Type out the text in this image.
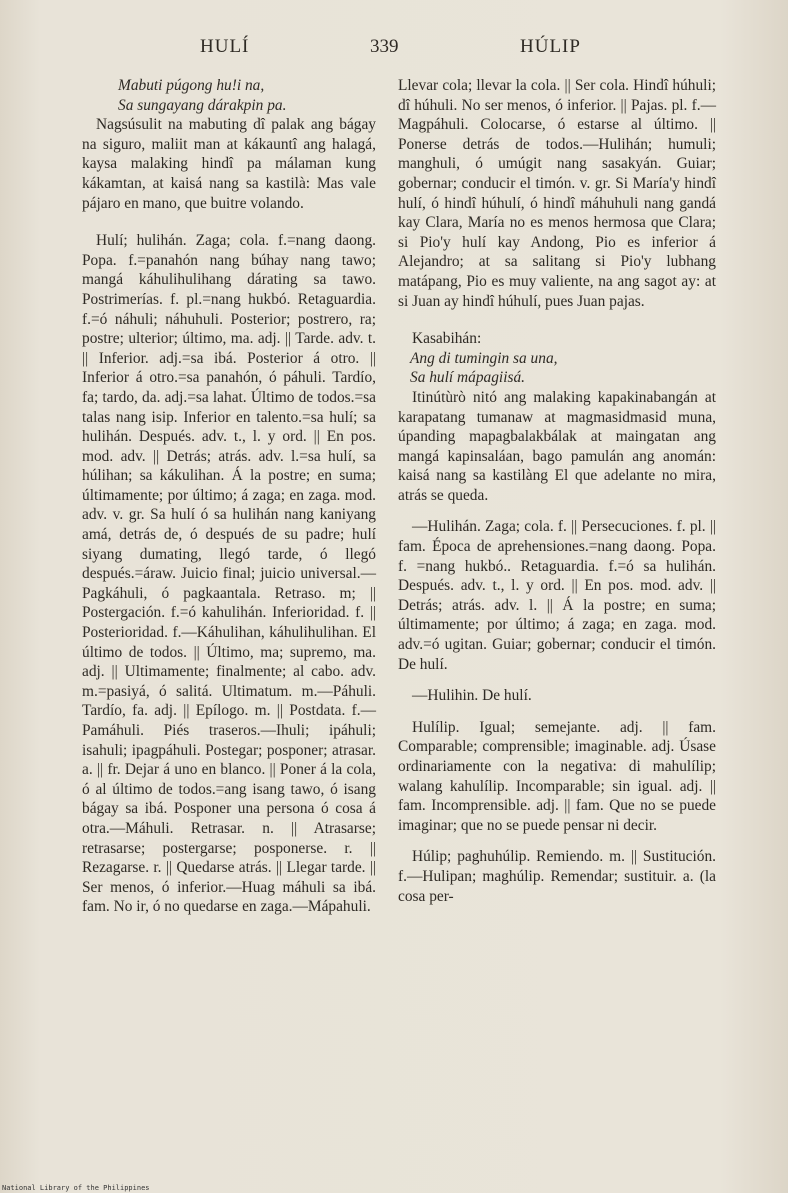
HULÍ	339	HÚLIP

Mabuti púgong hu!i na,

Sa sungayang dárakpin pa.

Nagsúsulit na mabuting dî palak ang bágay na siguro, maliit man at kákauntî ang halagá, kaysa malaking hindî pa málaman kung kákamtan, at kaisá nang sa kastilà: Mas vale pájaro en mano, que buitre volando.

Hulí; hulihán. Zaga; cola. f.=nang daong. Popa. f.=panahón nang búhay nang tawo; mangá káhulihulihang dárating sa tawo. Postrimerías. f. pl.=nang hukbó. Retaguardia. f.=ó náhuli; náhuhuli. Posterior; postrero, ra; postre; ulterior; último, ma. adj. || Tarde. adv. t. || Inferior. adj.=sa ibá. Posterior á otro. || Inferior á otro.=sa panahón, ó páhuli. Tardío, fa; tardo, da. adj.=sa lahat. Último de todos.=sa talas nang isip. Inferior en talento.=sa hulí; sa hulihán. Después. adv. t., l. y ord. || En pos. mod. adv. || Detrás; atrás. adv. l.=sa hulí, sa húlihan; sa kákulihan. Á la postre; en suma; últimamente; por último; á zaga; en zaga. mod. adv. v. gr. Sa hulí ó sa hulihán nang kaniyang amá, detrás de, ó después de su padre; hulí siyang dumating, llegó tarde, ó llegó después.=áraw. Juicio final; juicio universal.—Pagkáhuli, ó pagkaantala. Retraso. m; || Postergación. f.=ó kahulihán. Inferioridad. f. || Posterioridad. f.—Káhulihan, káhulihulihan. El último de todos. || Último, ma; supremo, ma. adj. || Ultimamente; finalmente; al cabo. adv. m.=pasiyá, ó salitá. Ultimatum. m.—Páhuli. Tardío, fa. adj. || Epílogo. m. || Postdata. f.—Pamáhuli. Piés traseros.—Ihuli; ipáhuli; isahuli; ipagpáhuli. Postegar; posponer; atrasar. a. || fr. Dejar á uno en blanco. || Poner á la cola, ó al último de todos.=ang isang tawo, ó isang bágay sa ibá. Posponer una persona ó cosa á otra.—Máhuli. Retrasar. n. || Atrasarse; retrasarse; postergarse; posponerse. r. || Rezagarse. r. || Quedarse atrás. || Llegar tarde. || Ser menos, ó inferior.—Huag máhuli sa ibá. fam. No ir, ó no quedarse en zaga.—Mápahuli.

Llevar cola; llevar la cola. || Ser cola. Hindî húhuli; dî húhuli. No ser menos, ó inferior. || Pajas. pl. f.—Magpáhuli. Colocarse, ó estarse al último. || Ponerse detrás de todos.—Hulihán; humuli; manghuli, ó umúgit nang sasakyán. Guiar; gobernar; conducir el timón. v. gr. Si María'y hindî hulí, ó hindî húhulí, ó hindî máhuhuli nang gandá kay Clara, María no es menos hermosa que Clara; si Pio'y hulí kay Andong, Pio es inferior á Alejandro; at sa salitang si Pio'y lubhang matápang, Pio es muy valiente, na ang sagot ay: at si Juan ay hindî húhulí, pues Juan pajas.

Kasabihán:

Ang di tumingin sa una,

Sa hulí mápagiisá.

Itinútùrò nitó ang malaking kapakinabangán at karapatang tumanaw at magmasidmasid muna, úpanding mapagbalakbálak at maingatan ang mangá kapinsaláan, bago pamulán ang anomán: kaisá nang sa kastilàng El que adelante no mira, atrás se queda.

—Hulihán. Zaga; cola. f. || Persecuciones. f. pl. || fam. Época de aprehensiones.=nang daong. Popa. f. =nang hukbó.. Retaguardia. f.=ó sa hulihán. Después. adv. t., l. y ord. || En pos. mod. adv. || Detrás; atrás. adv. l. || Á la postre; en suma; últimamente; por último; á zaga; en zaga. mod. adv.=ó ugitan. Guiar; gobernar; conducir el timón. De hulí.

—Hulihin. De hulí.

Hulílip. Igual; semejante. adj. || fam. Comparable; comprensible; imaginable. adj. Úsase ordinariamente con la negativa: di mahulílip; walang kahulílip. Incomparable; sin igual. adj. || fam. Incomprensible. adj. || fam. Que no se puede imaginar; que no se puede pensar ni decir.

Húlip; paghuhúlip. Remiendo. m. || Sustitución. f.—Hulipan; maghúlip. Remendar; sustituir. a. (la cosa per-

National Library of the Philippines
